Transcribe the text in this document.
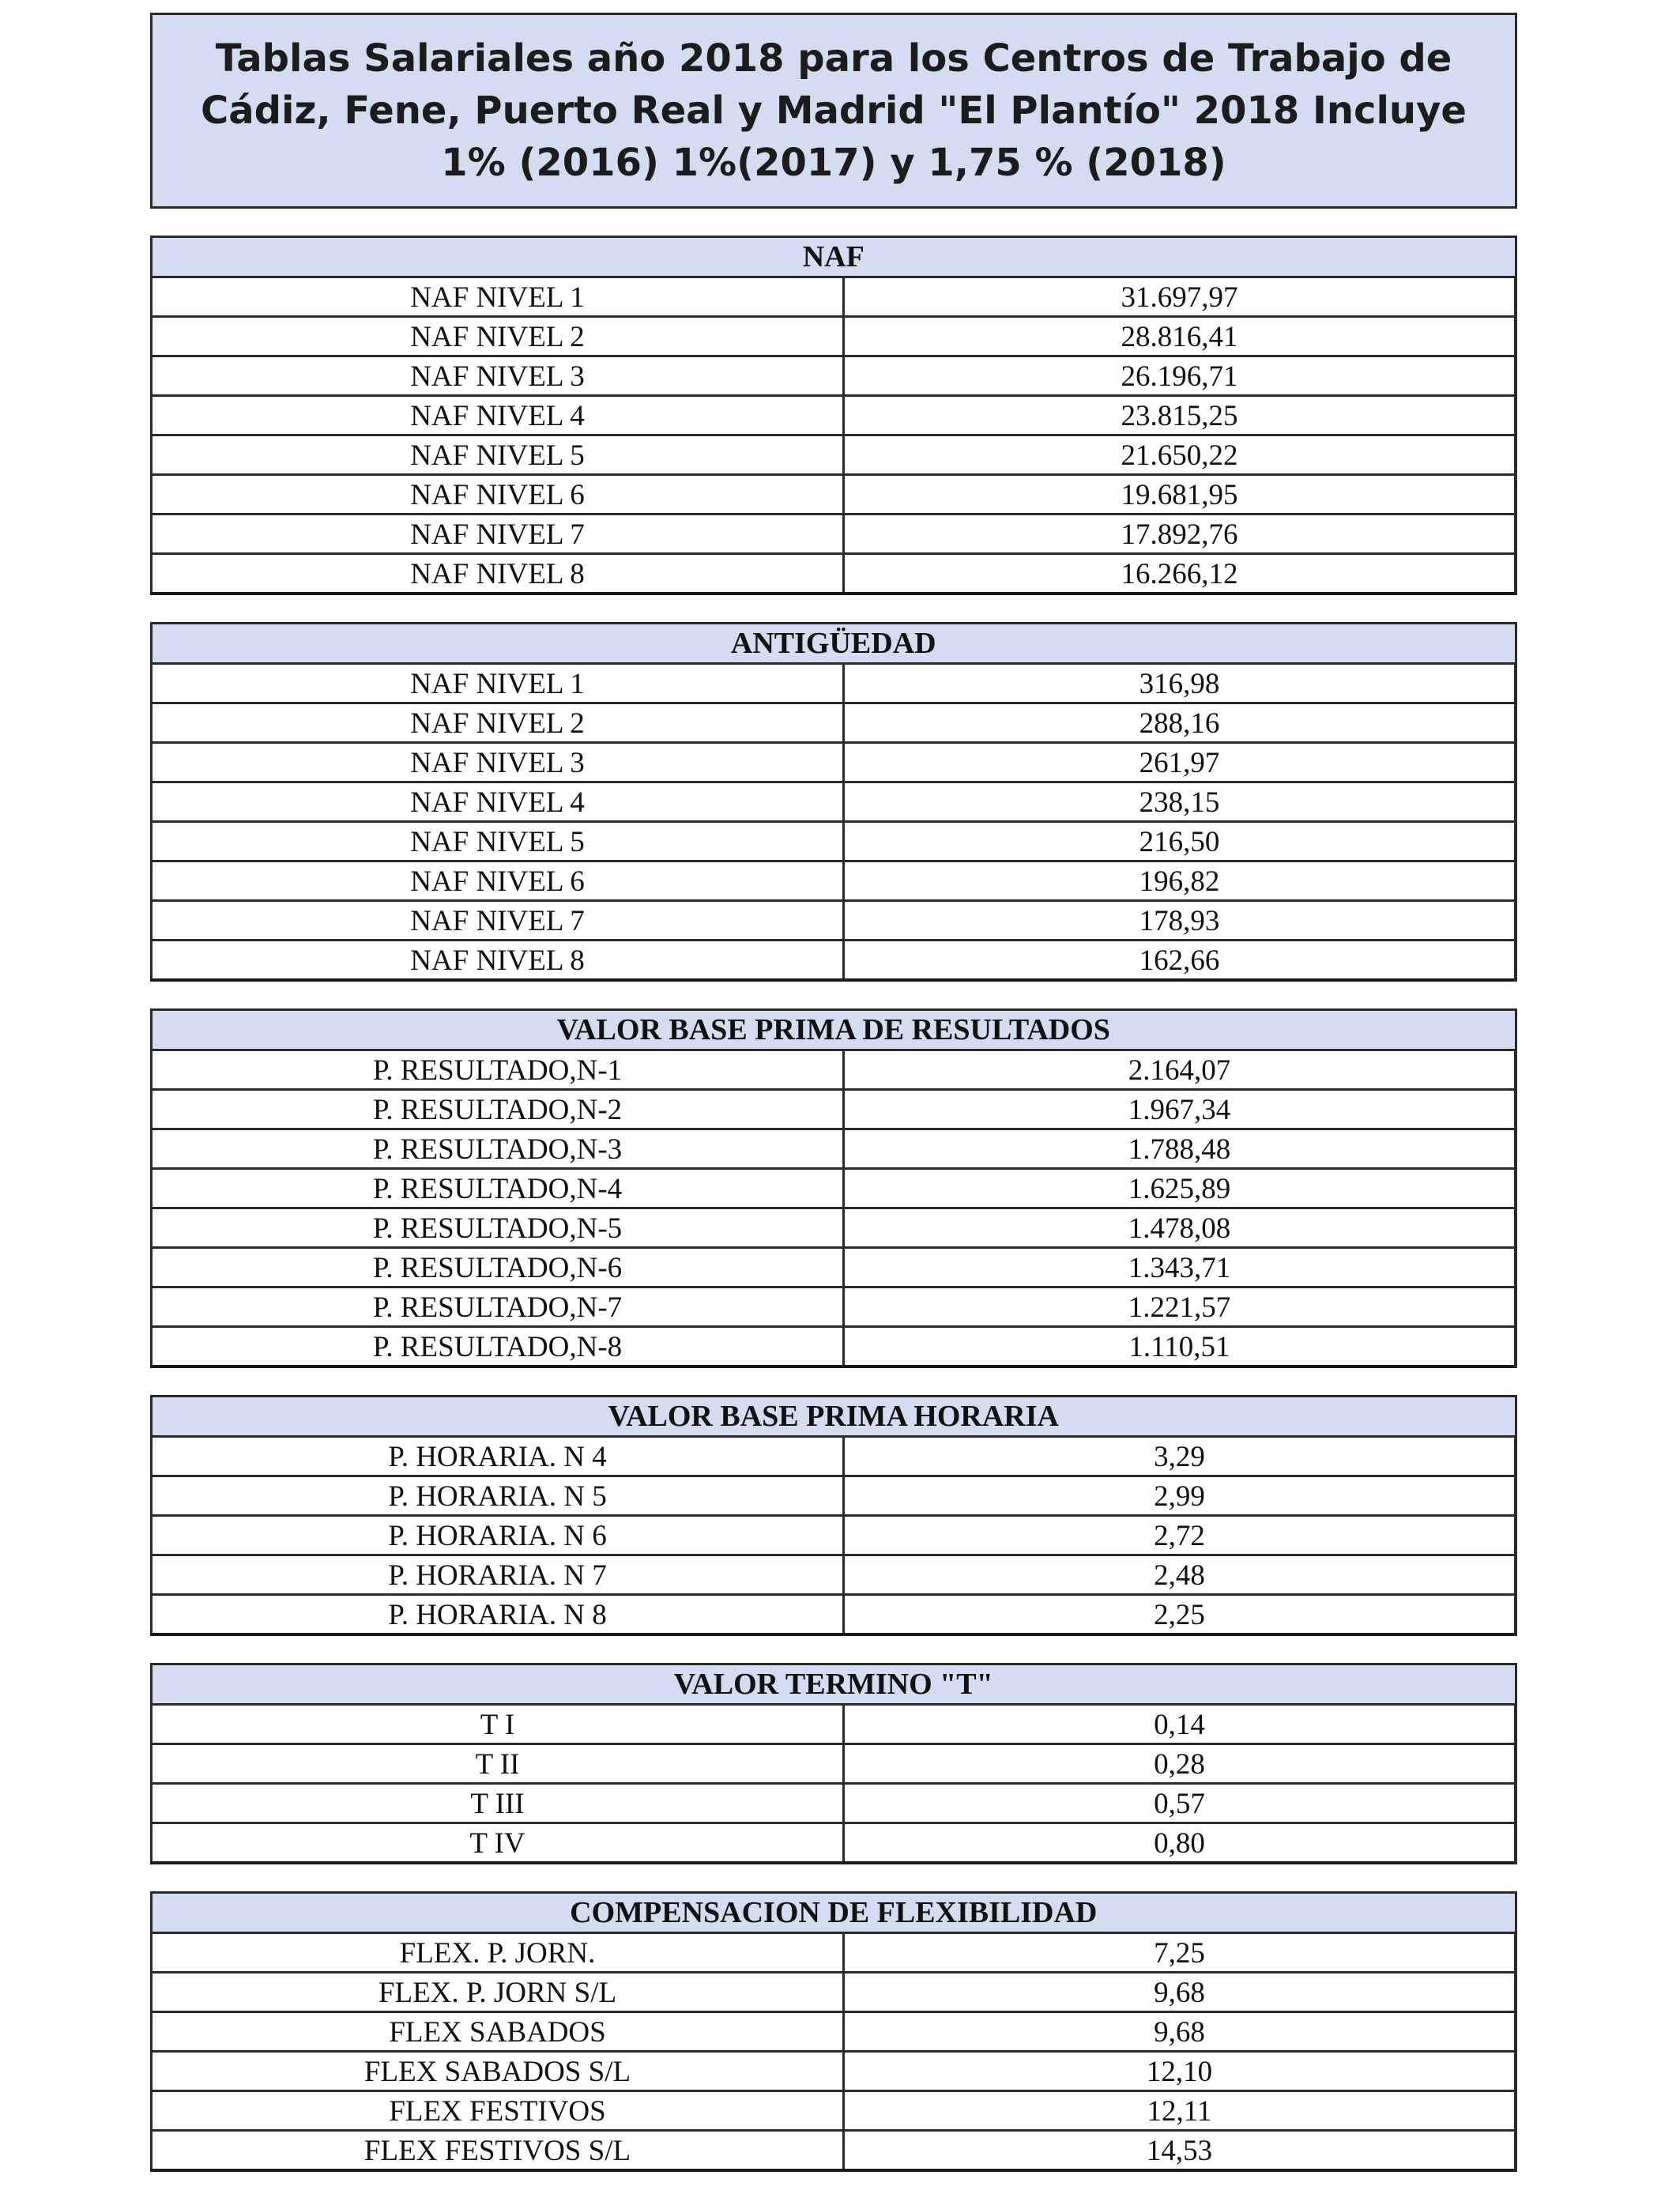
Tablas Salariales año 2018 para los Centros de Trabajo de Cádiz, Fene, Puerto Real y Madrid "El Plantío" 2018 Incluye 1% (2016) 1%(2017) y 1,75 % (2018)
NAF	
NAF NIVEL 1	31.697,97
NAF NIVEL 2	28.816,41
NAF NIVEL 3	26.196,71
NAF NIVEL 4	23.815,25
NAF NIVEL 5	21.650,22
NAF NIVEL 6	19.681,95
NAF NIVEL 7	17.892,76
NAF NIVEL 8	16.266,12
ANTIGÜEDAD	
NAF NIVEL 1	316,98
NAF NIVEL 2	288,16
NAF NIVEL 3	261,97
NAF NIVEL 4	238,15
NAF NIVEL 5	216,50
NAF NIVEL 6	196,82
NAF NIVEL 7	178,93
NAF NIVEL 8	162,66
VALOR BASE PRIMA DE RESULTADOS	
P. RESULTADO,N-1	2.164,07
P. RESULTADO,N-2	1.967,34
P. RESULTADO,N-3	1.788,48
P. RESULTADO,N-4	1.625,89
P. RESULTADO,N-5	1.478,08
P. RESULTADO,N-6	1.343,71
P. RESULTADO,N-7	1.221,57
P. RESULTADO,N-8	1.110,51
VALOR BASE PRIMA HORARIA	
P. HORARIA. N 4	3,29
P. HORARIA. N 5	2,99
P. HORARIA. N 6	2,72
P. HORARIA. N 7	2,48
P. HORARIA. N 8	2,25
VALOR TERMINO "T"	
T I	0,14
T II	0,28
T III	0,57
T IV	0,80
COMPENSACION DE FLEXIBILIDAD	
FLEX. P. JORN.	7,25
FLEX. P. JORN S/L	9,68
FLEX SABADOS	9,68
FLEX SABADOS S/L	12,10
FLEX FESTIVOS	12,11
FLEX FESTIVOS S/L	14,53
